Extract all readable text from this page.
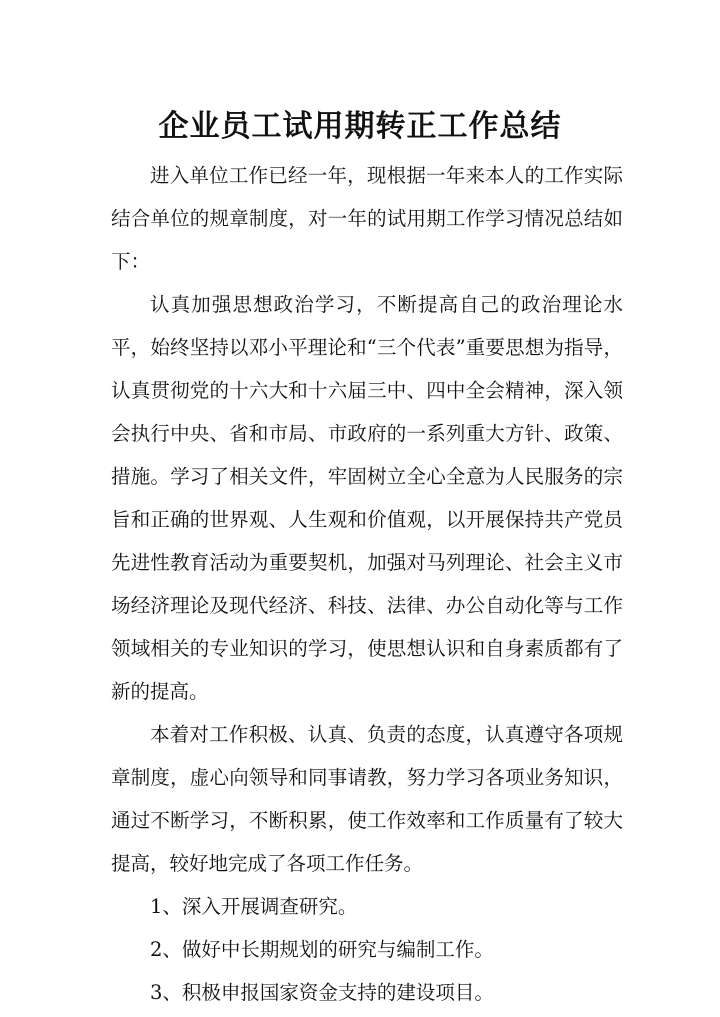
企业员工试用期转正工作总结

进入单位工作已经一年，现根据一年来本人的工作实际结合单位的规章制度，对一年的试用期工作学习情况总结如下：

认真加强思想政治学习，不断提高自己的政治理论水平，始终坚持以邓小平理论和“三个代表”重要思想为指导，认真贯彻党的十六大和十六届三中、四中全会精神，深入领会执行中央、省和市局、市政府的一系列重大方针、政策、措施。学习了相关文件，牢固树立全心全意为人民服务的宗旨和正确的世界观、人生观和价值观，以开展保持共产党员先进性教育活动为重要契机，加强对马列理论、社会主义市场经济理论及现代经济、科技、法律、办公自动化等与工作领域相关的专业知识的学习，使思想认识和自身素质都有了新的提高。

本着对工作积极、认真、负责的态度，认真遵守各项规章制度，虚心向领导和同事请教，努力学习各项业务知识，通过不断学习，不断积累，使工作效率和工作质量有了较大提高，较好地完成了各项工作任务。

1、深入开展调查研究。

2、做好中长期规划的研究与编制工作。

3、积极申报国家资金支持的建设项目。
